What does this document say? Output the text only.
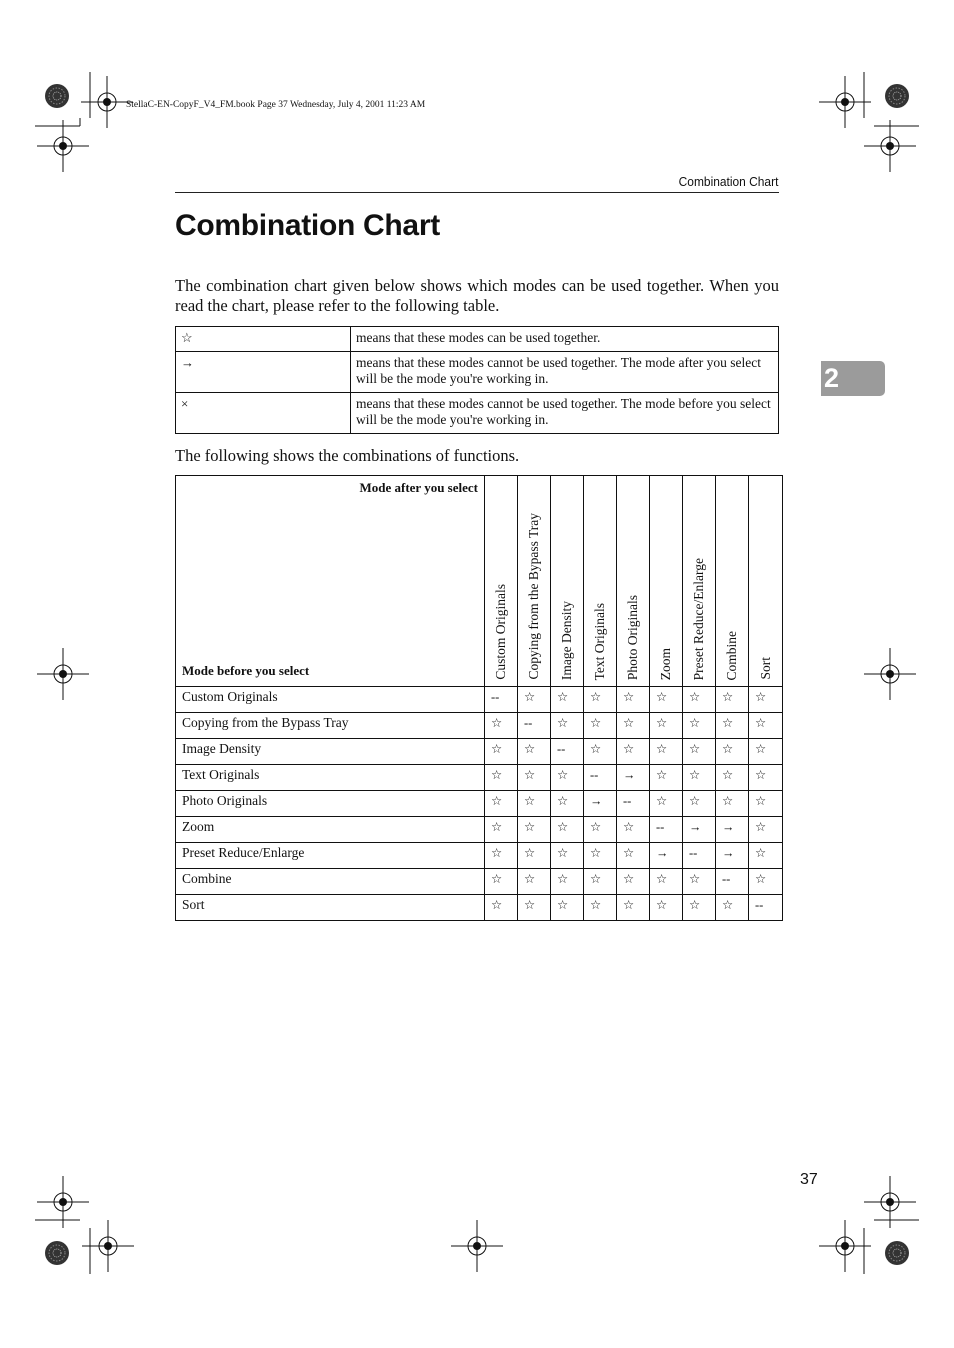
StellaC-EN-CopyF_V4_FM.book Page 37 Wednesday, July 4, 2001 11:23 AM
Combination Chart
Combination Chart

The combination chart given below shows which modes can be used together. When you read the chart, please refer to the following table.

2
☆	means that these modes can be used together.
→	means that these modes cannot be used together. The mode after you select will be the mode you're working in.
×	means that these modes cannot be used together. The mode before you select will be the mode you're working in.
The following shows the combinations of functions.
Mode after you select
Mode before you select	Custom Originals	Copying from the Bypass Tray	Image Density	Text Originals	Photo Originals	Zoom	Preset Reduce/Enlarge	Combine	Sort

Custom Originals	--	☆	☆	☆	☆	☆	☆	☆	☆
Copying from the Bypass Tray	☆	--	☆	☆	☆	☆	☆	☆	☆
Image Density	☆	☆	--	☆	☆	☆	☆	☆	☆
Text Originals	☆	☆	☆	--	→	☆	☆	☆	☆
Photo Originals	☆	☆	☆	→	--	☆	☆	☆	☆
Zoom	☆	☆	☆	☆	☆	--	→	→	☆
Preset Reduce/Enlarge	☆	☆	☆	☆	☆	→	--	→	☆
Combine	☆	☆	☆	☆	☆	☆	☆	--	☆
Sort	☆	☆	☆	☆	☆	☆	☆	☆	--
37
